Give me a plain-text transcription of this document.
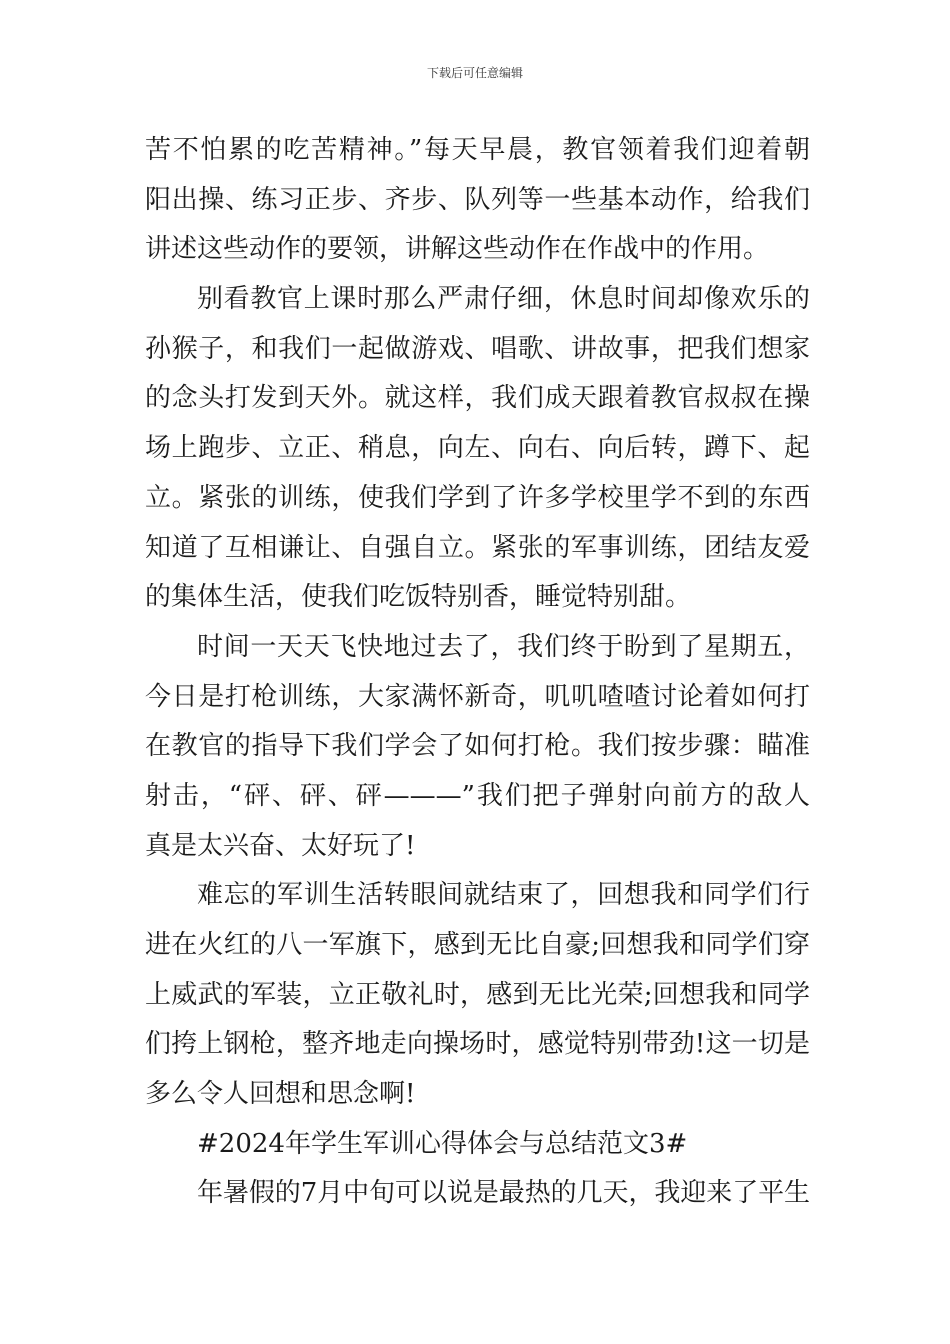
下载后可任意编辑
苦不怕累的吃苦精神。”每天早晨，教官领着我们迎着朝
阳出操、练习正步、齐步、队列等一些基本动作，给我们
讲述这些动作的要领，讲解这些动作在作战中的作用。
别看教官上课时那么严肃仔细，休息时间却像欢乐的
孙猴子，和我们一起做游戏、唱歌、讲故事，把我们想家
的念头打发到天外。就这样，我们成天跟着教官叔叔在操
场上跑步、立正、稍息，向左、向右、向后转，蹲下、起
立。紧张的训练，使我们学到了许多学校里学不到的东西
知道了互相谦让、自强自立。紧张的军事训练，团结友爱
的集体生活，使我们吃饭特别香，睡觉特别甜。
时间一天天飞快地过去了，我们终于盼到了星期五，
今日是打枪训练，大家满怀新奇，叽叽喳喳讨论着如何打
在教官的指导下我们学会了如何打枪。我们按步骤：瞄准
射击，“砰、砰、砰———”我们把子弹射向前方的敌人
真是太兴奋、太好玩了!
难忘的军训生活转眼间就结束了，回想我和同学们行
进在火红的八一军旗下，感到无比自豪;回想我和同学们穿
上威武的军装，立正敬礼时，感到无比光荣;回想我和同学
们挎上钢枪，整齐地走向操场时，感觉特别带劲!这一切是
多么令人回想和思念啊!
#2024年学生军训心得体会与总结范文3#
年暑假的7月中旬可以说是最热的几天，我迎来了平生
